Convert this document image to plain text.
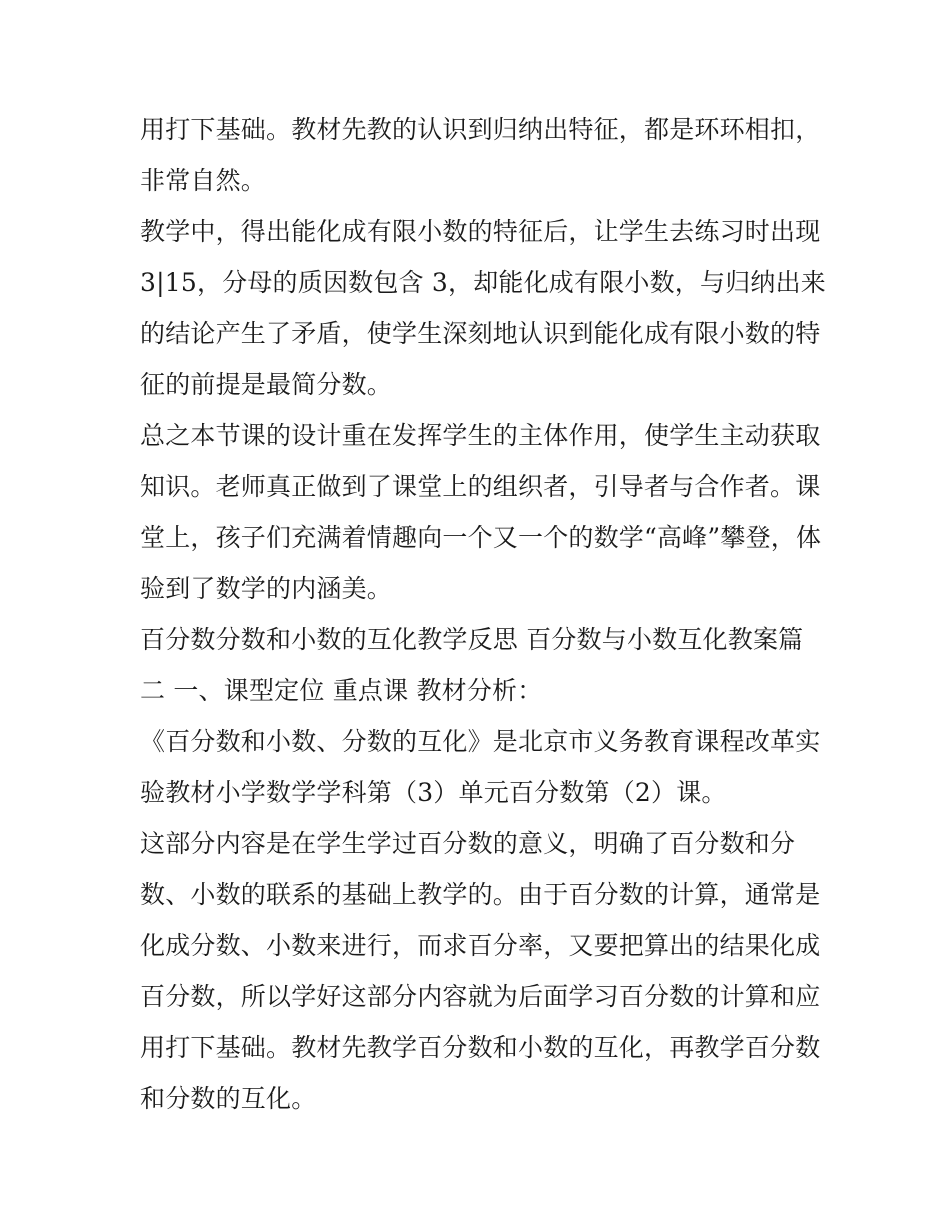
用打下基础。教材先教的认识到归纳出特征，都是环环相扣，
非常自然。
教学中，得出能化成有限小数的特征后，让学生去练习时出现
3|15，分母的质因数包含 3，却能化成有限小数，与归纳出来
的结论产生了矛盾，使学生深刻地认识到能化成有限小数的特
征的前提是最简分数。
总之本节课的设计重在发挥学生的主体作用，使学生主动获取
知识。老师真正做到了课堂上的组织者，引导者与合作者。课
堂上，孩子们充满着情趣向一个又一个的数学“高峰”攀登，体
验到了数学的内涵美。
百分数分数和小数的互化教学反思 百分数与小数互化教案篇
二 一、课型定位 重点课 教材分析：
《百分数和小数、分数的互化》是北京市义务教育课程改革实
验教材小学数学学科第（3）单元百分数第（2）课。
这部分内容是在学生学过百分数的意义，明确了百分数和分
数、小数的联系的基础上教学的。由于百分数的计算，通常是
化成分数、小数来进行，而求百分率，又要把算出的结果化成
百分数，所以学好这部分内容就为后面学习百分数的计算和应
用打下基础。教材先教学百分数和小数的互化，再教学百分数
和分数的互化。
